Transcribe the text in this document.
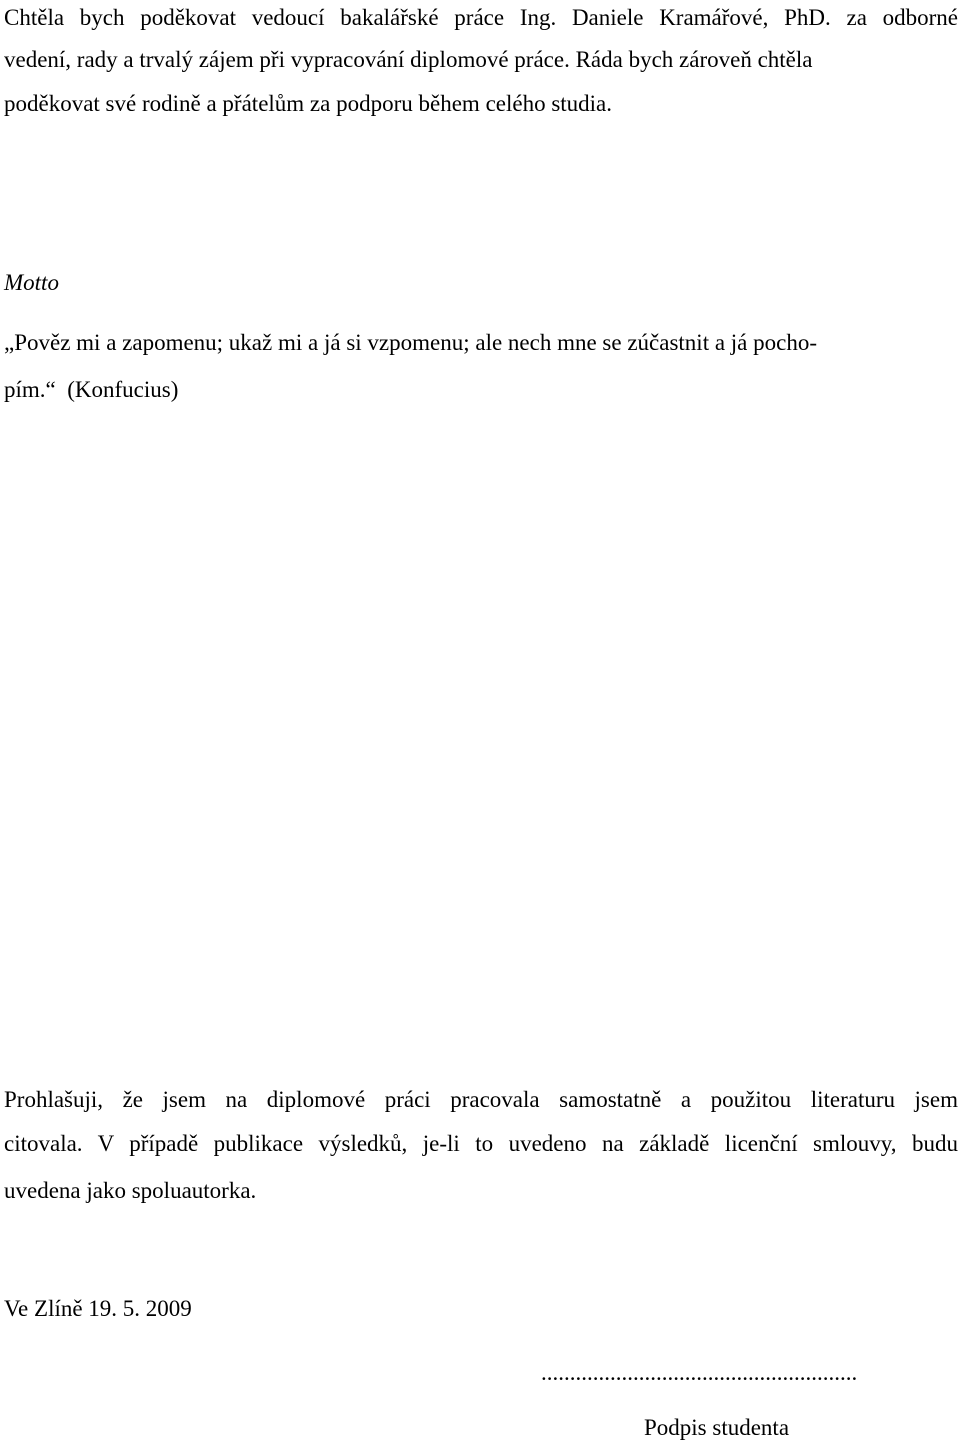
Chtěla bych poděkovat vedoucí bakalářské práce Ing. Daniele Kramářové, PhD. za odborné
vedení, rady a trvalý zájem při vypracování diplomové práce. Ráda bych zároveň chtěla
poděkovat své rodině a přátelům za podporu během celého studia.
Motto
„Pověz mi a zapomenu; ukaž mi a já si vzpomenu; ale nech mne se zúčastnit a já pocho-
pím.“  (Konfucius)
Prohlašuji, že jsem na diplomové práci pracovala samostatně a použitou literaturu jsem
citovala. V případě publikace výsledků, je-li to uvedeno na základě licenční smlouvy, budu
uvedena jako spoluautorka.
Ve Zlíně 19. 5. 2009
.......................................................
Podpis studenta
